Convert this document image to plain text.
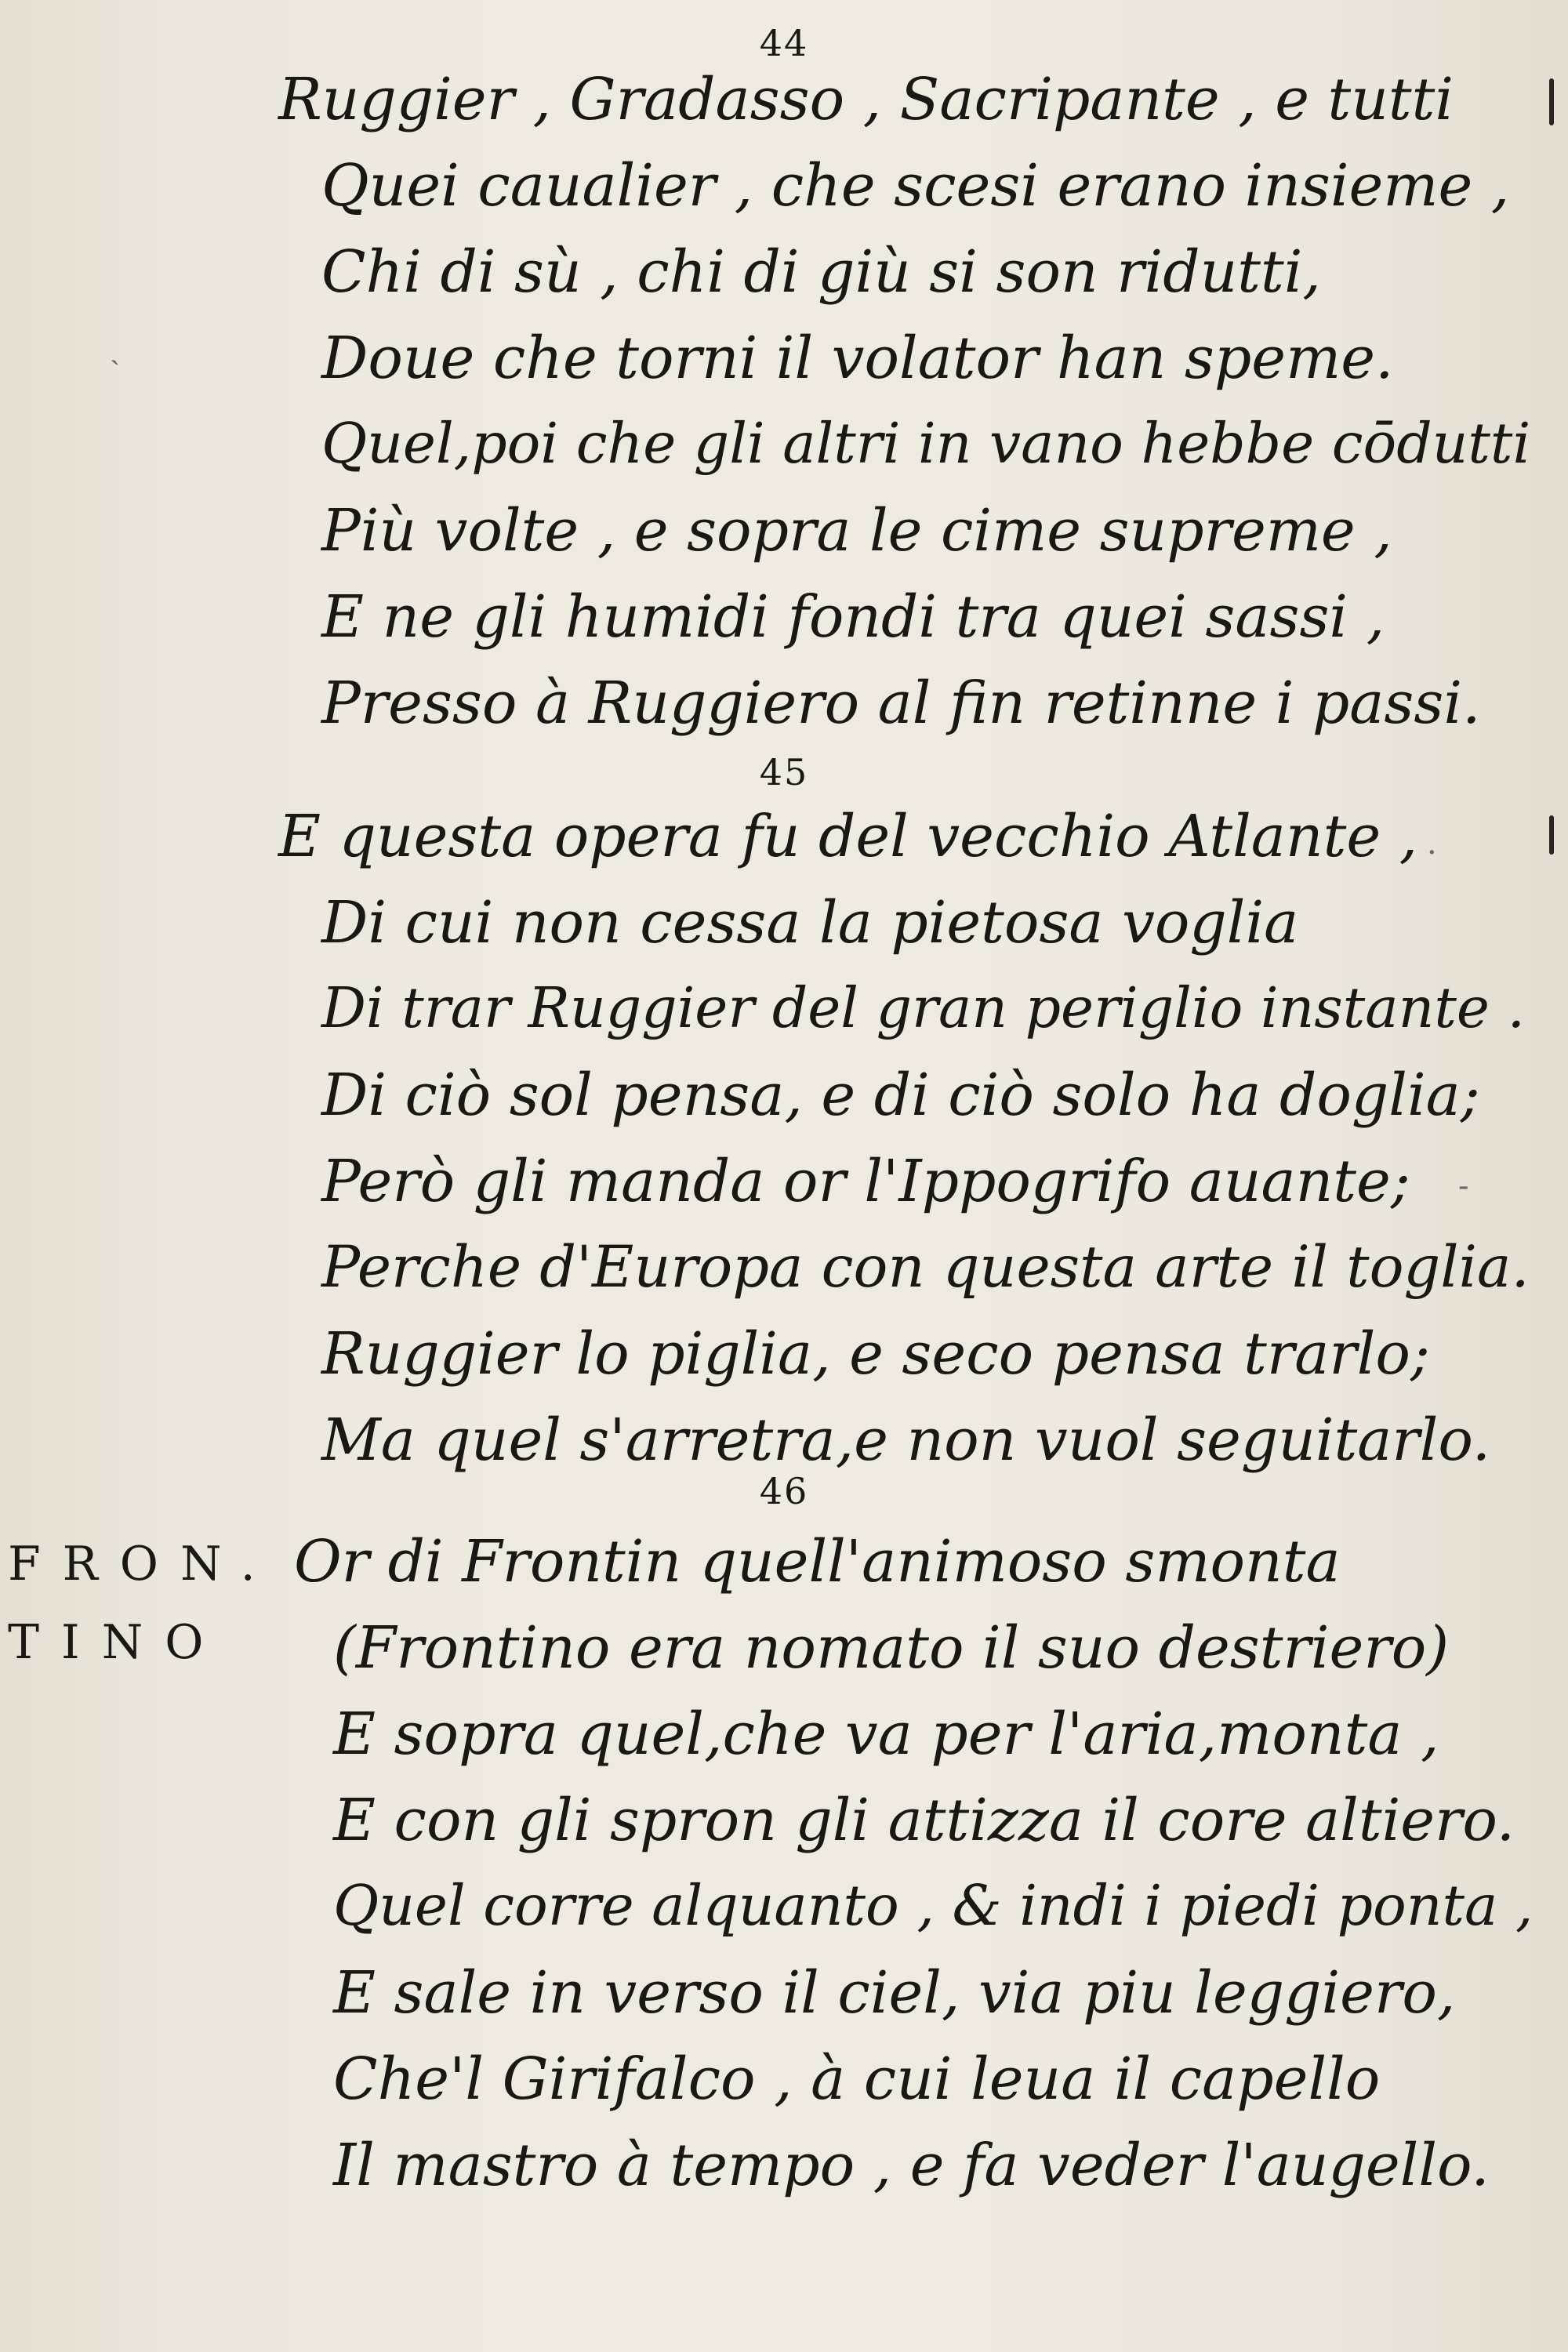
ˎ
-
·
44
Ruggier , Gradasso , Sacripante , e tutti
Quei caualier , che scesi erano insieme ,
Chi di sù , chi di giù si son ridutti,
Doue che torni il volator han speme.
Quel,poi che gli altri in vano hebbe cōdutti
Più volte , e sopra le cime supreme ,
E ne gli humidi fondi tra quei sassi ,
Presso à Ruggiero al fin retinne i passi.
45
E questa opera fu del vecchio Atlante ,
Di cui non cessa la pietosa voglia
Di trar Ruggier del gran periglio instante .
Di ciò sol pensa, e di ciò solo ha doglia;
Però gli manda or l'Ippogrifo auante;
Perche d'Europa con questa arte il toglia.
Ruggier lo piglia, e seco pensa trarlo;
Ma quel s'arretra,e non vuol seguitarlo.
46
FRON.
TINO
Or di Frontin quell'animoso smonta
(Frontino era nomato il suo destriero)
E sopra quel,che va per l'aria,monta ,
E con gli spron gli attizza il core altiero.
Quel corre alquanto , & indi i piedi ponta ,
E sale in verso il ciel, via piu leggiero,
Che'l Girifalco , à cui leua il capello
Il mastro à tempo , e fa veder l'augello.
